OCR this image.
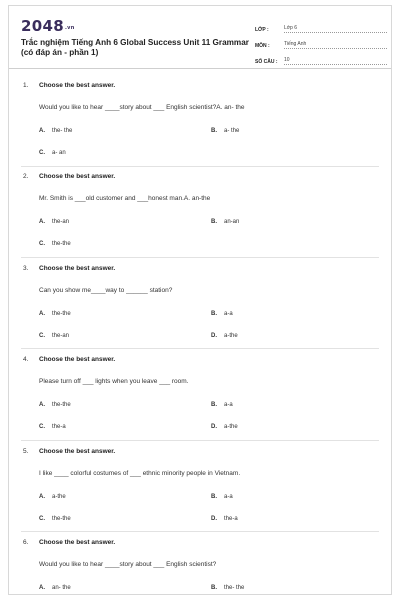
$2048^{.vn}$
Trắc nghiệm Tiếng Anh 6 Global Success Unit 11 Grammar
(có đáp án - phần 1)
LỚP :	Lớp 6
MÔN :	Tiếng Anh
SỐ CÂU :	10
1. Choose the best answer.
Would you like to hear ____story about ___ English scientist?A. an- the
A. the- the	B. a- the
C. a- an
2. Choose the best answer.
Mr. Smith is ___old customer and ___honest man.A. an-the
A. the-an	B. an-an
C. the-the
3. Choose the best answer.
Can you show me____way to ______ station?
A. the-the	B. a-a
C. the-an	D. a-the
4. Choose the best answer.
Please turn off ___ lights when you leave ___ room.
A. the-the	B. a-a
C. the-a	D. a-the
5. Choose the best answer.
I like ____ colorful costumes of ___ ethnic minority people in Vietnam.
A. a-the	B. a-a
C. the-the	D. the-a
6. Choose the best answer.
Would you like to hear ____story about ___ English scientist?
A. an- the	B. the- the
